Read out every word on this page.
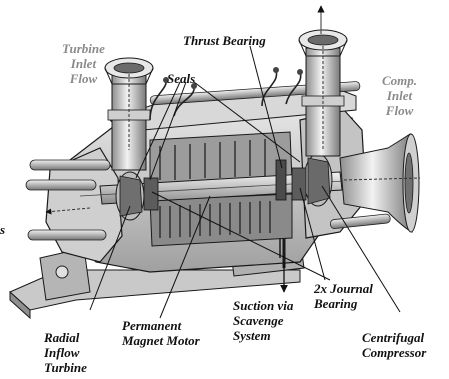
Turbine
Inlet
Flow
Thrust Bearing
Seals	Comp.
Inlet
Flow
s
Radial
Inflow
Turbine
Permanent
Magnet Motor
Suction via
Scavenge
System
2x Journal
Bearing
Centrifugal
Compressor
